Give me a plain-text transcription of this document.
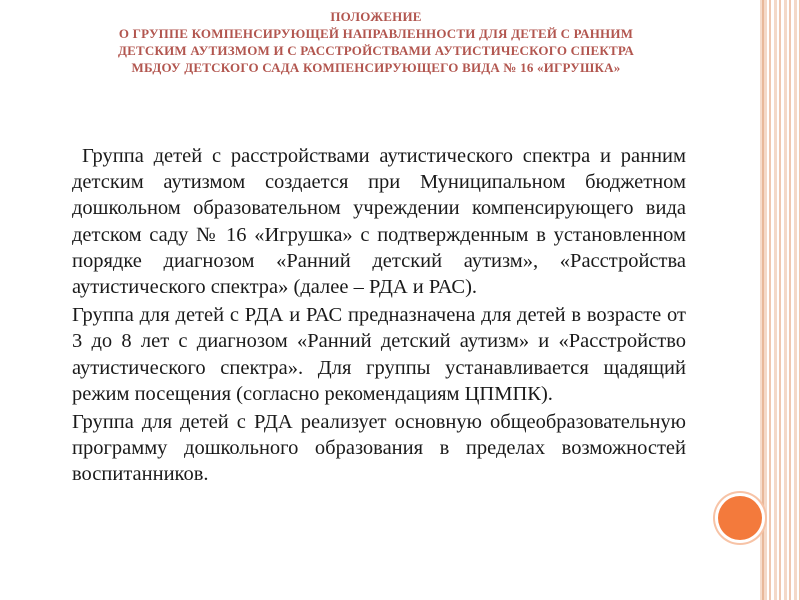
ПОЛОЖЕНИЕ
О ГРУППЕ КОМПЕНСИРУЮЩЕЙ НАПРАВЛЕННОСТИ ДЛЯ ДЕТЕЙ С РАННИМ
ДЕТСКИМ АУТИЗМОМ И С РАССТРОЙСТВАМИ АУТИСТИЧЕСКОГО СПЕКТРА
МБДОУ ДЕТСКОГО САДА КОМПЕНСИРУЮЩЕГО ВИДА № 16 «ИГРУШКА»

Группа детей с расстройствами аутистического спектра и ранним детским аутизмом создается при Муниципальном бюджетном дошкольном образовательном учреждении компенсирующего вида детском саду № 16 «Игрушка» с подтвержденным в установленном порядке диагнозом «Ранний детский аутизм», «Расстройства аутистического спектра» (далее – РДА и РАС).

Группа для детей с РДА и РАС предназначена для детей в возрасте от 3 до 8 лет с диагнозом «Ранний детский аутизм» и «Расстройство аутистического спектра». Для группы устанавливается щадящий режим посещения (согласно рекомендациям ЦПМПК).

Группа для детей с РДА реализует основную общеобразовательную программу дошкольного образования в пределах возможностей воспитанников.
